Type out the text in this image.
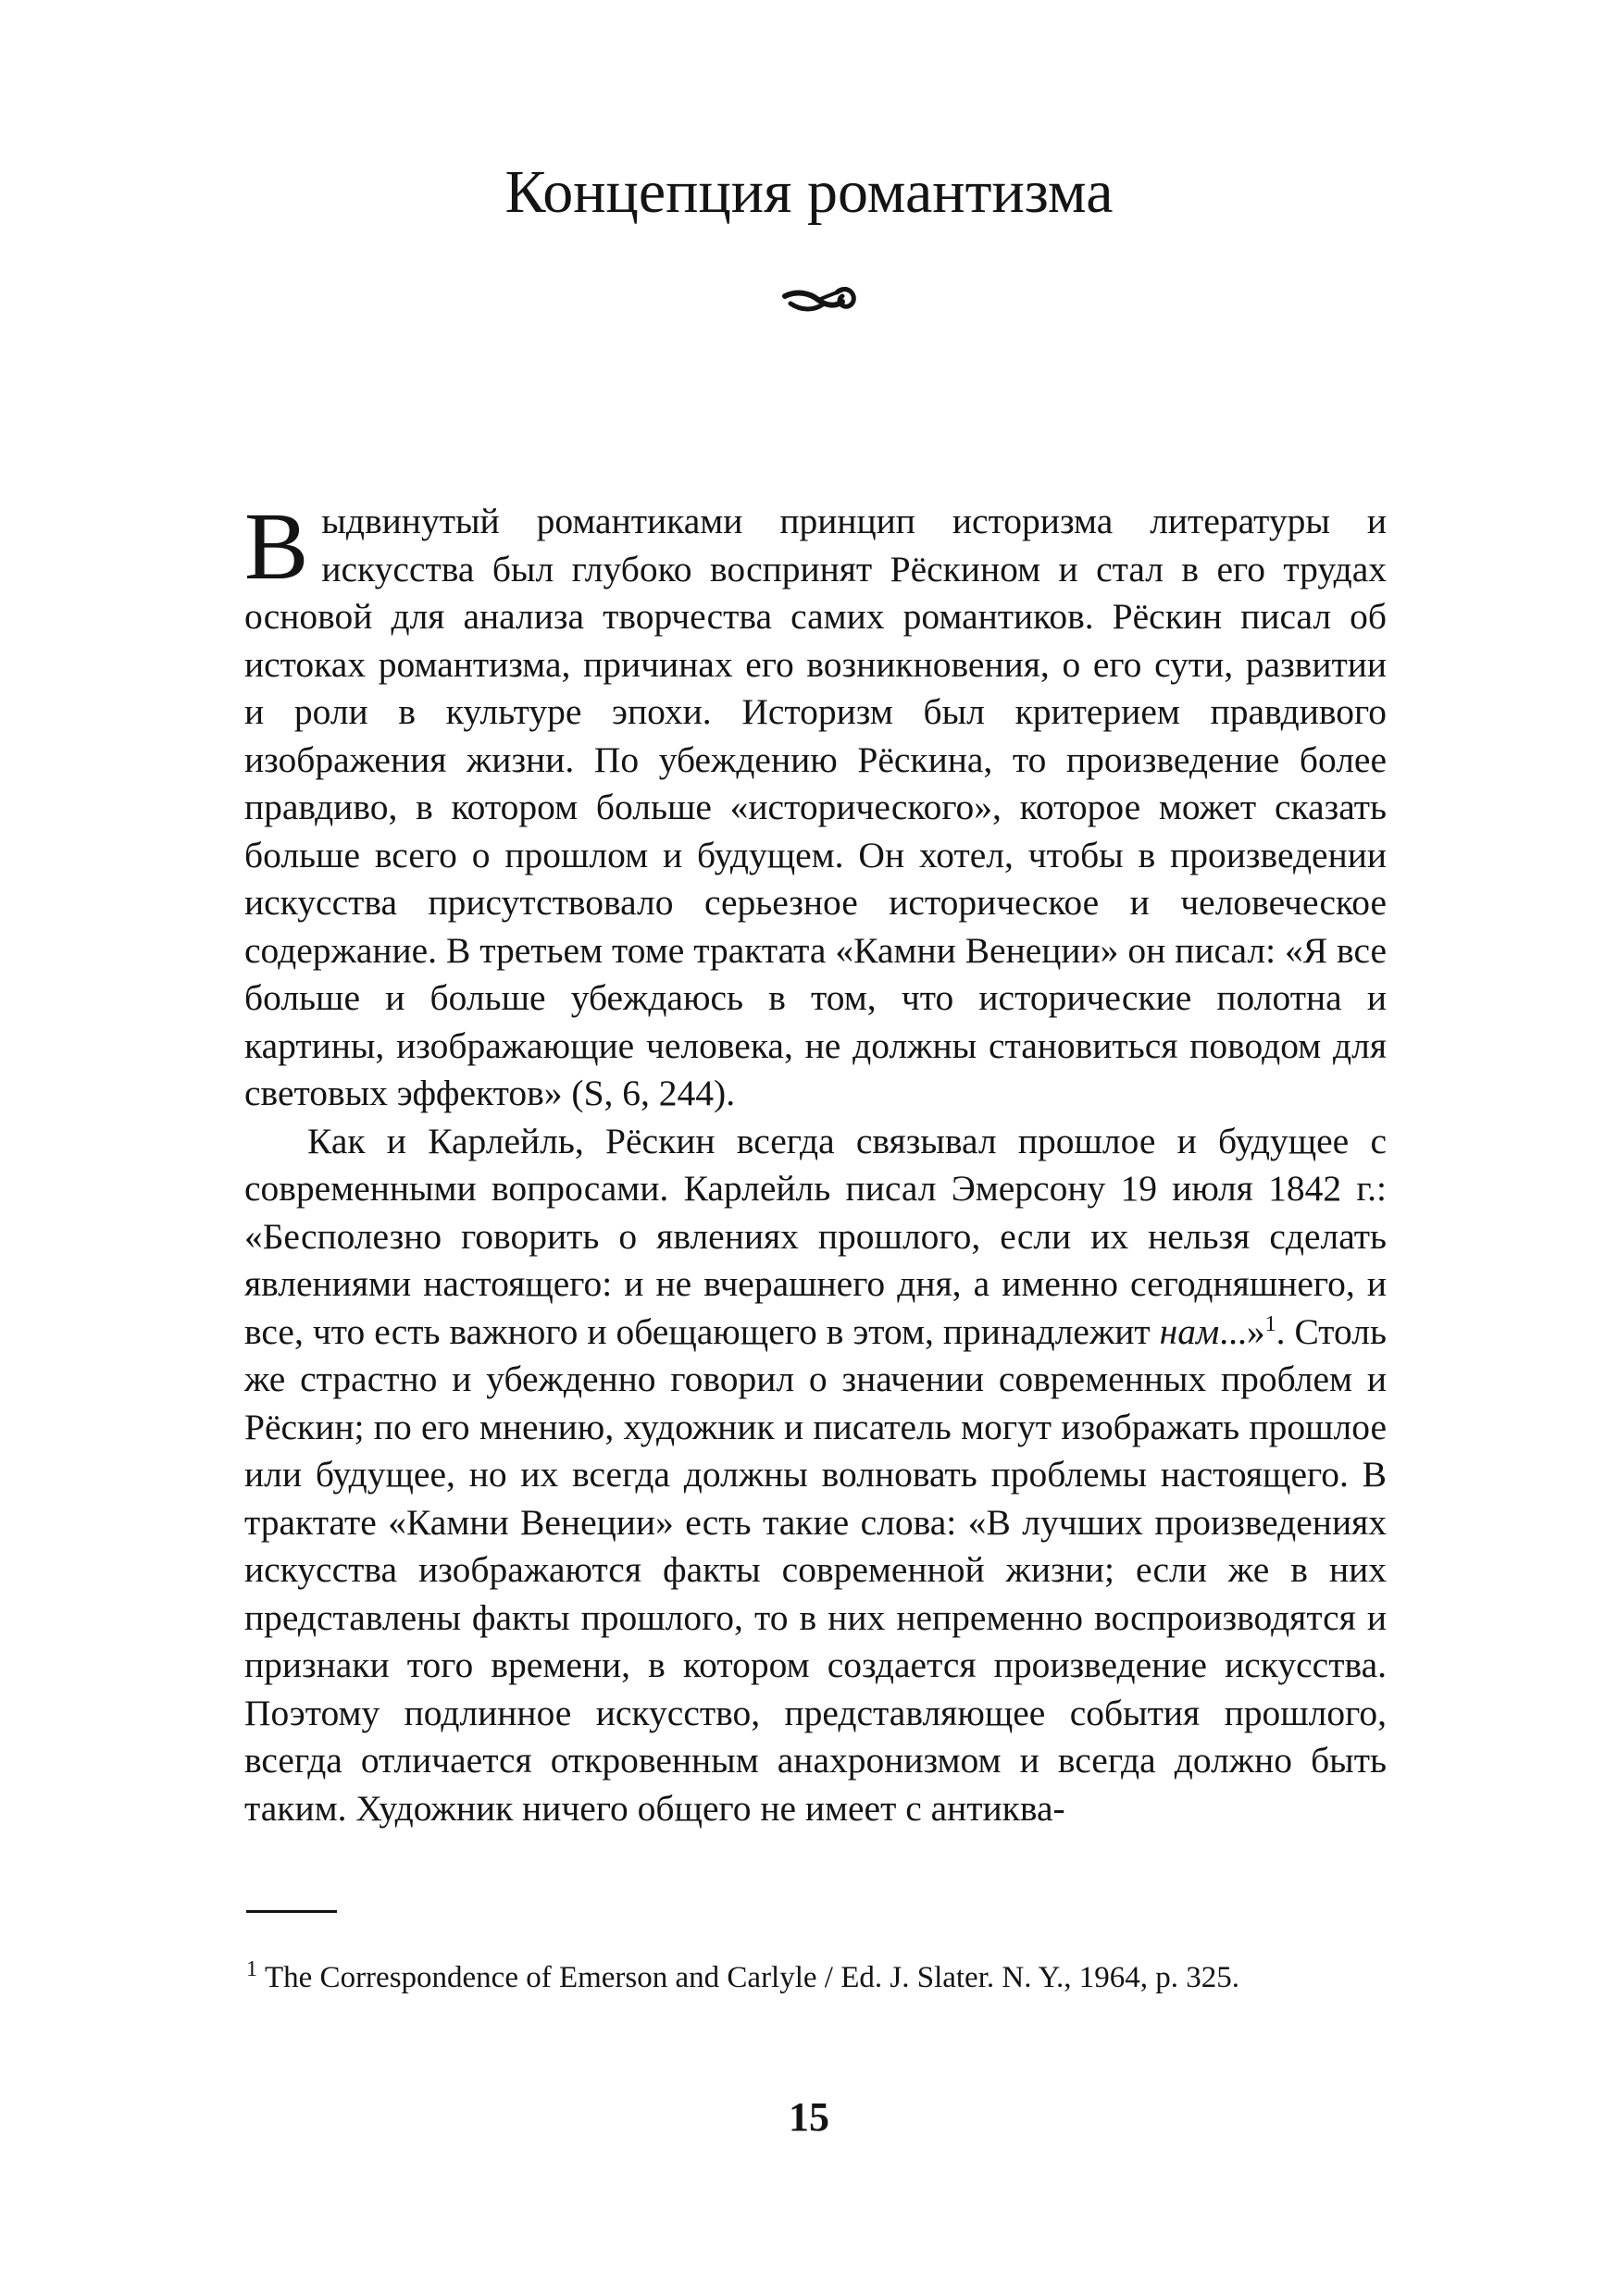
Концепция романтизма

Выдвинутый романтиками принцип историзма литературы и искусства был глубоко воспринят Рёскином и стал в его трудах основой для анализа творчества самих романтиков. Рёскин писал об истоках романтизма, причинах его возникновения, о его сути, развитии и роли в культуре эпохи. Историзм был критерием правдивого изображения жизни. По убеждению Рёскина, то произведение более правдиво, в котором больше «исторического», которое может сказать больше всего о прошлом и будущем. Он хотел, чтобы в произведении искусства присутствовало серьезное историческое и человеческое содержание. В третьем томе трактата «Камни Венеции» он писал: «Я все больше и больше убеждаюсь в том, что исторические полотна и картины, изображающие человека, не должны становиться поводом для световых эффектов» (S, 6, 244).

Как и Карлейль, Рёскин всегда связывал прошлое и будущее с современными вопросами. Карлейль писал Эмерсону 19 июля 1842 г.: «Бесполезно говорить о явлениях прошлого, если их нельзя сделать явлениями настоящего: и не вчерашнего дня, а именно сегодняшнего, и все, что есть важного и обещающего в этом, принадлежит нам...»$^1$. Столь же страстно и убежденно говорил о значении современных проблем и Рёскин; по его мнению, художник и писатель могут изображать прошлое или будущее, но их всегда должны волновать проблемы настоящего. В трактате «Камни Венеции» есть такие слова: «В лучших произведениях искусства изображаются факты современной жизни; если же в них представлены факты прошлого, то в них непременно воспроизводятся и признаки того времени, в котором создается произведение искусства. Поэтому подлинное искусство, представляющее события прошлого, всегда отличается откровенным анахронизмом и всегда должно быть таким. Художник ничего общего не имеет с антиква-

$^1$ The Correspondence of Emerson and Carlyle / Ed. J. Slater. N. Y., 1964, p. 325.
15
